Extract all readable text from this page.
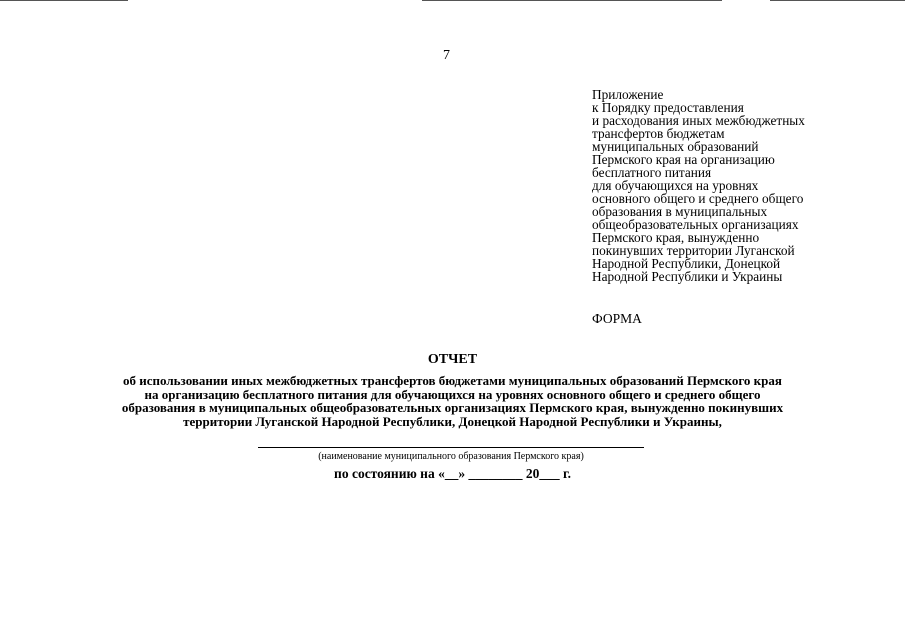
7
Приложение
к Порядку предоставления
и расходования иных межбюджетных
трансфертов бюджетам
муниципальных образований
Пермского края на организацию
бесплатного питания
для обучающихся на уровнях
основного общего и среднего общего
образования в муниципальных
общеобразовательных организациях
Пермского края, вынужденно
покинувших территории Луганской
Народной Республики, Донецкой
Народной Республики и Украины
ФОРМА
ОТЧЕТ
об использовании иных межбюджетных трансфертов бюджетами муниципальных образований Пермского края
на организацию бесплатного питания для обучающихся на уровнях основного общего и среднего общего
образования в муниципальных общеобразовательных организациях Пермского края, вынужденно покинувших
территории Луганской Народной Республики, Донецкой Народной Республики и Украины,
(наименование муниципального образования Пермского края)
по состоянию на «__» ________ 20___ г.
